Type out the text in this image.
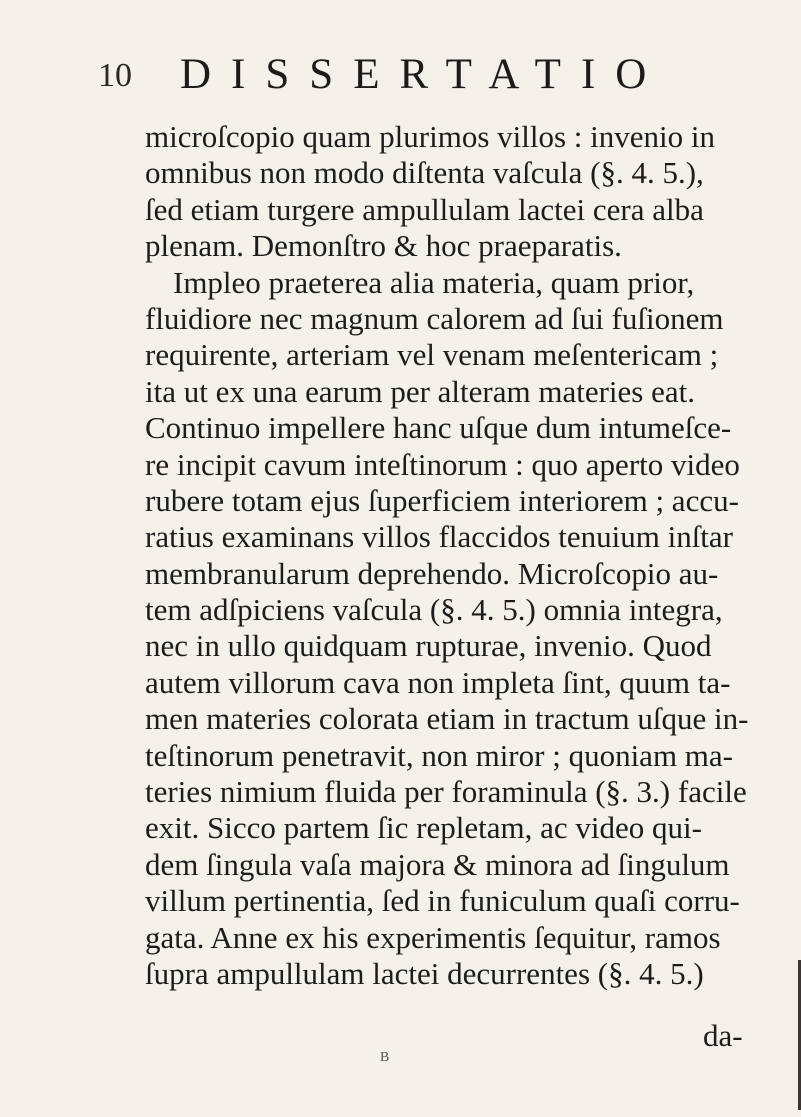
10 DISSERTATIO
microſcopio quam plurimos villos : invenio in
omnibus non modo diſtenta vaſcula (§. 4. 5.),
ſed etiam turgere ampullulam lactei cera alba
plenam. Demonſtro & hoc praeparatis.
Impleo praeterea alia materia, quam prior,
fluidiore nec magnum calorem ad ſui fuſionem
requirente, arteriam vel venam meſentericam ;
ita ut ex una earum per alteram materies eat.
Continuo impellere hanc uſque dum intumeſce-
re incipit cavum inteſtinorum : quo aperto video
rubere totam ejus ſuperficiem interiorem ; accu-
ratius examinans villos flaccidos tenuium inſtar
membranularum deprehendo. Microſcopio au-
tem adſpiciens vaſcula (§. 4. 5.) omnia integra,
nec in ullo quidquam rupturae, invenio. Quod
autem villorum cava non impleta ſint, quum ta-
men materies colorata etiam in tractum uſque in-
teſtinorum penetravit, non miror ; quoniam ma-
teries nimium fluida per foraminula (§. 3.) facile
exit. Sicco partem ſic repletam, ac video qui-
dem ſingula vaſa majora & minora ad ſingulum
villum pertinentia, ſed in funiculum quaſi corru-
gata. Anne ex his experimentis ſequitur, ramos
ſupra ampullulam lactei decurrentes (§. 4. 5.)
da-
B
